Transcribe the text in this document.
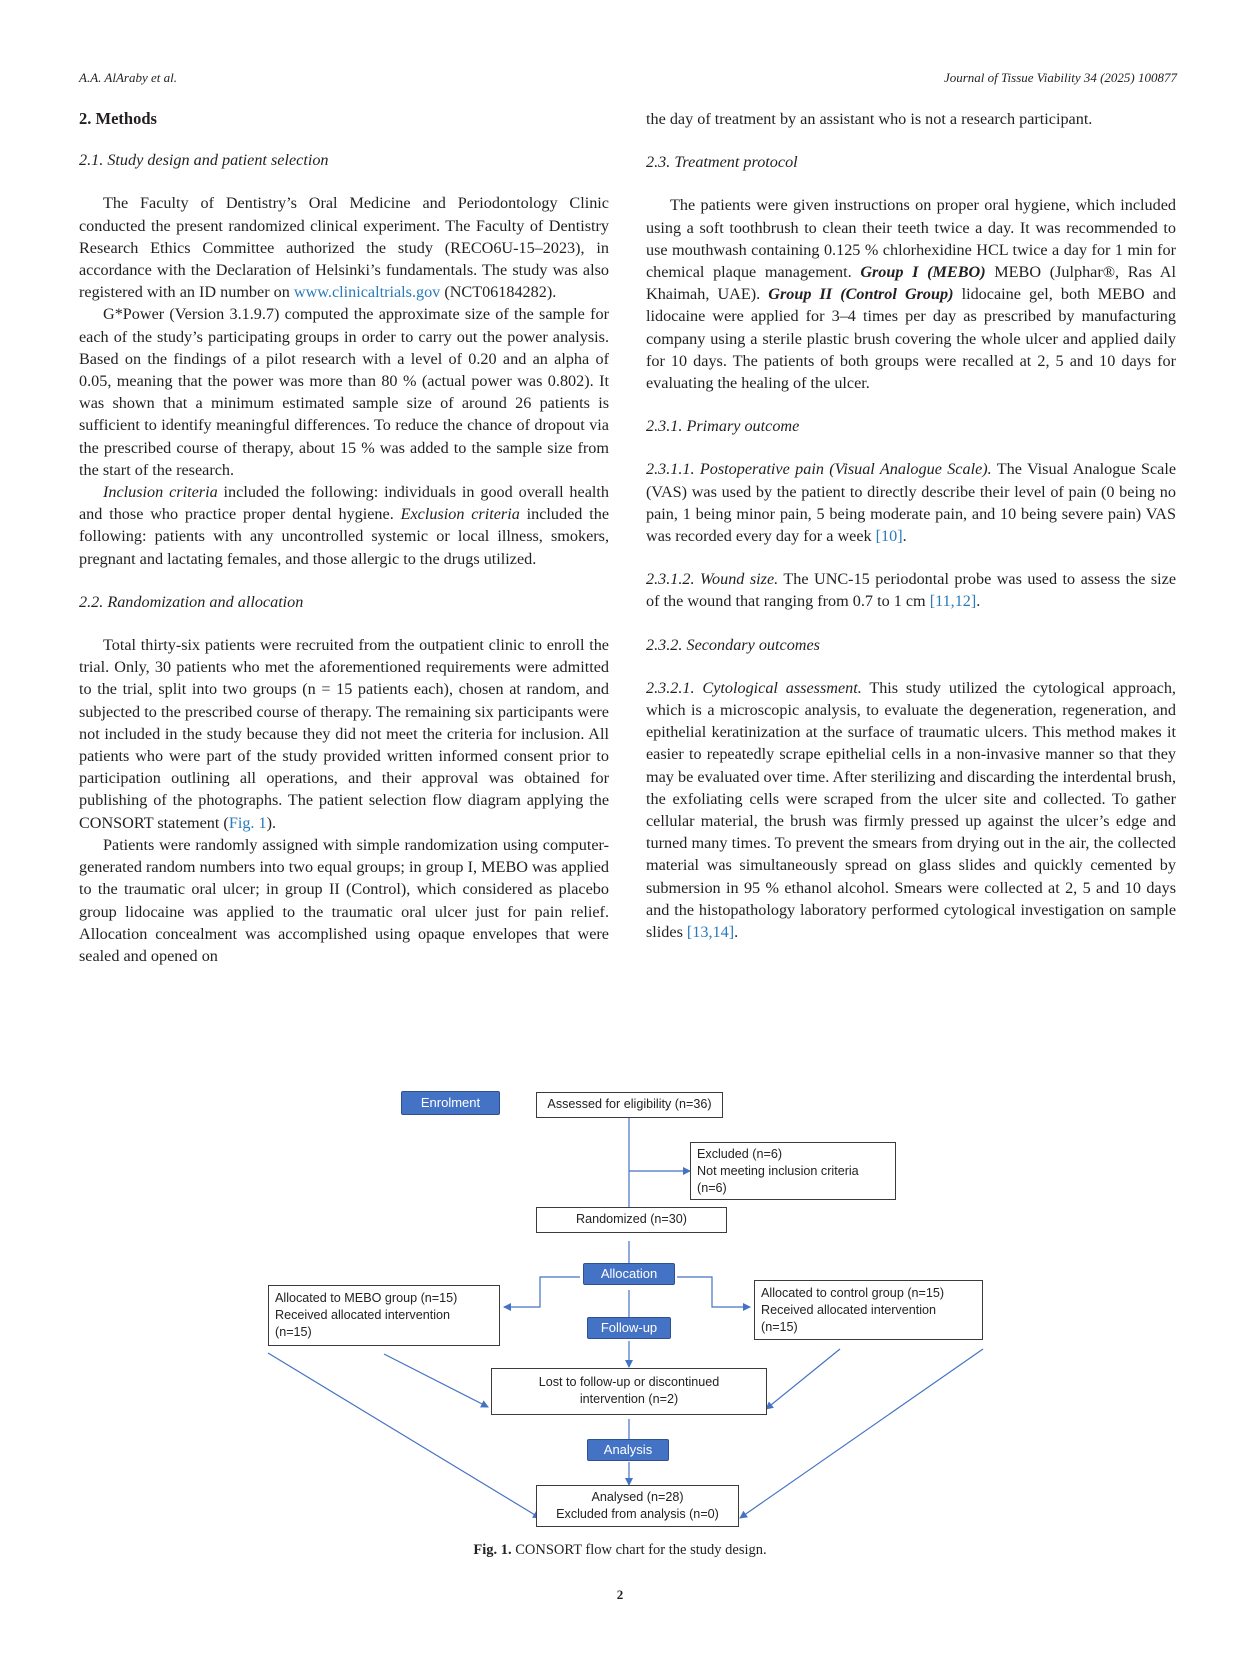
A.A. AlAraby et al.	Journal of Tissue Viability 34 (2025) 100877

2. Methods

2.1. Study design and patient selection

The Faculty of Dentistry’s Oral Medicine and Periodontology Clinic conducted the present randomized clinical experiment. The Faculty of Dentistry Research Ethics Committee authorized the study (RECO6U-15–2023), in accordance with the Declaration of Helsinki’s fundamentals. The study was also registered with an ID number on www.clinicaltrials.gov (NCT06184282).

G*Power (Version 3.1.9.7) computed the approximate size of the sample for each of the study’s participating groups in order to carry out the power analysis. Based on the findings of a pilot research with a level of 0.20 and an alpha of 0.05, meaning that the power was more than 80 % (actual power was 0.802). It was shown that a minimum estimated sample size of around 26 patients is sufficient to identify meaningful differences. To reduce the chance of dropout via the prescribed course of therapy, about 15 % was added to the sample size from the start of the research.

Inclusion criteria included the following: individuals in good overall health and those who practice proper dental hygiene. Exclusion criteria included the following: patients with any uncontrolled systemic or local illness, smokers, pregnant and lactating females, and those allergic to the drugs utilized.

2.2. Randomization and allocation

Total thirty-six patients were recruited from the outpatient clinic to enroll the trial. Only, 30 patients who met the aforementioned requirements were admitted to the trial, split into two groups (n = 15 patients each), chosen at random, and subjected to the prescribed course of therapy. The remaining six participants were not included in the study because they did not meet the criteria for inclusion. All patients who were part of the study provided written informed consent prior to participation outlining all operations, and their approval was obtained for publishing of the photographs. The patient selection flow diagram applying the CONSORT statement (Fig. 1).

Patients were randomly assigned with simple randomization using computer-generated random numbers into two equal groups; in group I, MEBO was applied to the traumatic oral ulcer; in group II (Control), which considered as placebo group lidocaine was applied to the traumatic oral ulcer just for pain relief. Allocation concealment was accomplished using opaque envelopes that were sealed and opened on

the day of treatment by an assistant who is not a research participant.

2.3. Treatment protocol

The patients were given instructions on proper oral hygiene, which included using a soft toothbrush to clean their teeth twice a day. It was recommended to use mouthwash containing 0.125 % chlorhexidine HCL twice a day for 1 min for chemical plaque management. Group I (MEBO) MEBO (Julphar®, Ras Al Khaimah, UAE). Group II (Control Group) lidocaine gel, both MEBO and lidocaine were applied for 3–4 times per day as prescribed by manufacturing company using a sterile plastic brush covering the whole ulcer and applied daily for 10 days. The patients of both groups were recalled at 2, 5 and 10 days for evaluating the healing of the ulcer.

2.3.1. Primary outcome

2.3.1.1. Postoperative pain (Visual Analogue Scale). The Visual Analogue Scale (VAS) was used by the patient to directly describe their level of pain (0 being no pain, 1 being minor pain, 5 being moderate pain, and 10 being severe pain) VAS was recorded every day for a week [10].

2.3.1.2. Wound size. The UNC-15 periodontal probe was used to assess the size of the wound that ranging from 0.7 to 1 cm [11,12].

2.3.2. Secondary outcomes

2.3.2.1. Cytological assessment. This study utilized the cytological approach, which is a microscopic analysis, to evaluate the degeneration, regeneration, and epithelial keratinization at the surface of traumatic ulcers. This method makes it easier to repeatedly scrape epithelial cells in a non-invasive manner so that they may be evaluated over time. After sterilizing and discarding the interdental brush, the exfoliating cells were scraped from the ulcer site and collected. To gather cellular material, the brush was firmly pressed up against the ulcer’s edge and turned many times. To prevent the smears from drying out in the air, the collected material was simultaneously spread on glass slides and quickly cemented by submersion in 95 % ethanol alcohol. Smears were collected at 2, 5 and 10 days and the histopathology laboratory performed cytological investigation on sample slides [13,14].

Enrolment	Assessed for eligibility (n=36)
Excluded (n=6)
Not meeting inclusion criteria
(n=6)
Randomized (n=30)
Allocation
Allocated to MEBO group (n=15)
Received allocated intervention
(n=15)
Allocated to control group (n=15)
Received allocated intervention
(n=15)
Follow-up
Lost to follow-up or discontinued
intervention (n=2)
Analysis
Analysed (n=28)
Excluded from analysis (n=0)
Fig. 1. CONSORT flow chart for the study design.
2
